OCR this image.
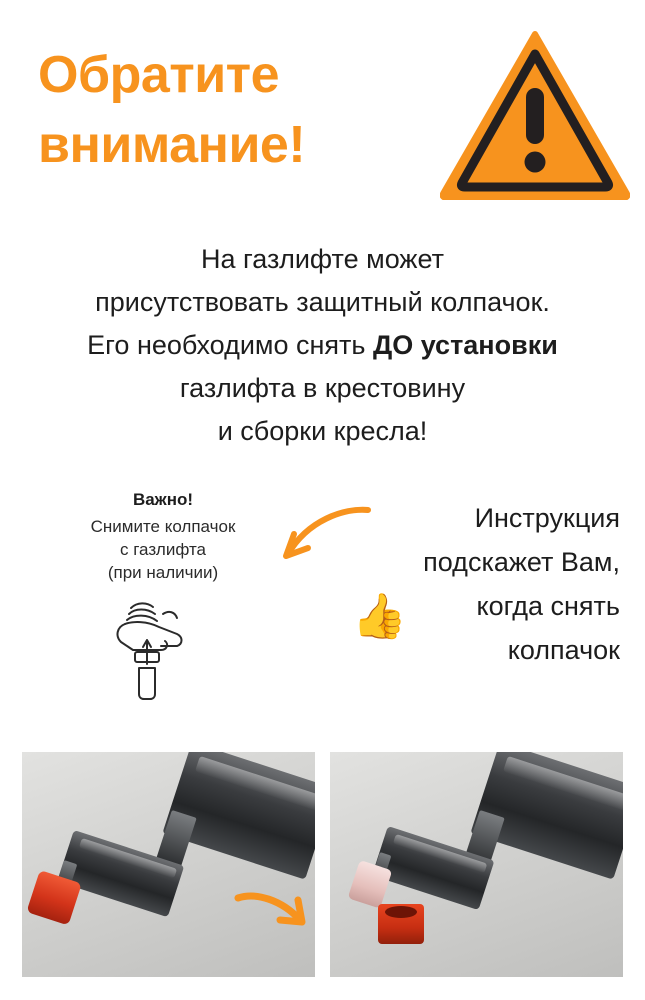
Обратите
внимание!
На газлифте может
присутствовать защитный колпачок.
Его необходимо снять ДО установки
газлифта в крестовину
и сборки кресла!
Важно!
Снимите колпачок
с газлифта
(при наличии)
Инструкция
подскажет Вам,
когда снять
колпачок
👍
